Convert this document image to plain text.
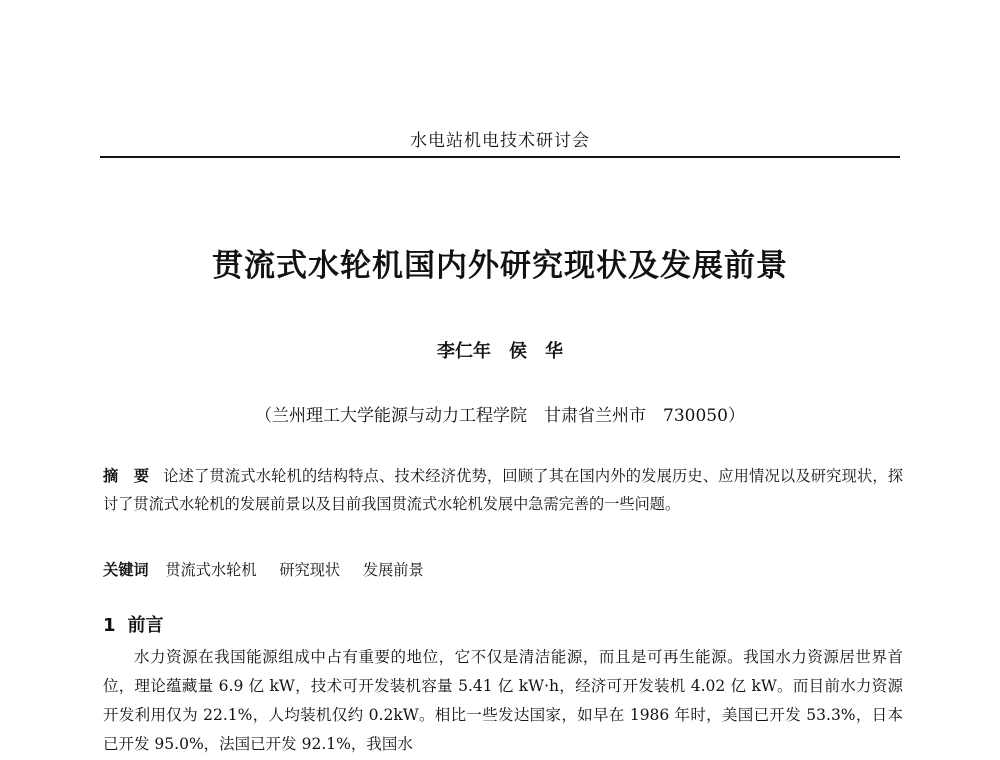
水电站机电技术研讨会
贯流式水轮机国内外研究现状及发展前景
李仁年　侯　华
（兰州理工大学能源与动力工程学院　甘肃省兰州市　730050）
摘　要 论述了贯流式水轮机的结构特点、技术经济优势，回顾了其在国内外的发展历史、应用情况以及研究现状，探讨了贯流式水轮机的发展前景以及目前我国贯流式水轮机发展中急需完善的一些问题。
关键词 贯流式水轮机 研究现状 发展前景
1 前言
水力资源在我国能源组成中占有重要的地位，它不仅是清洁能源，而且是可再生能源。我国水力资源居世界首位，理论蕴藏量 6.9 亿 kW，技术可开发装机容量 5.41 亿 kW·h，经济可开发装机 4.02 亿 kW。而目前水力资源开发利用仅为 22.1%，人均装机仅约 0.2kW。相比一些发达国家，如早在 1986 年时，美国已开发 53.3%，日本已开发 95.0%，法国已开发 92.1%，我国水
